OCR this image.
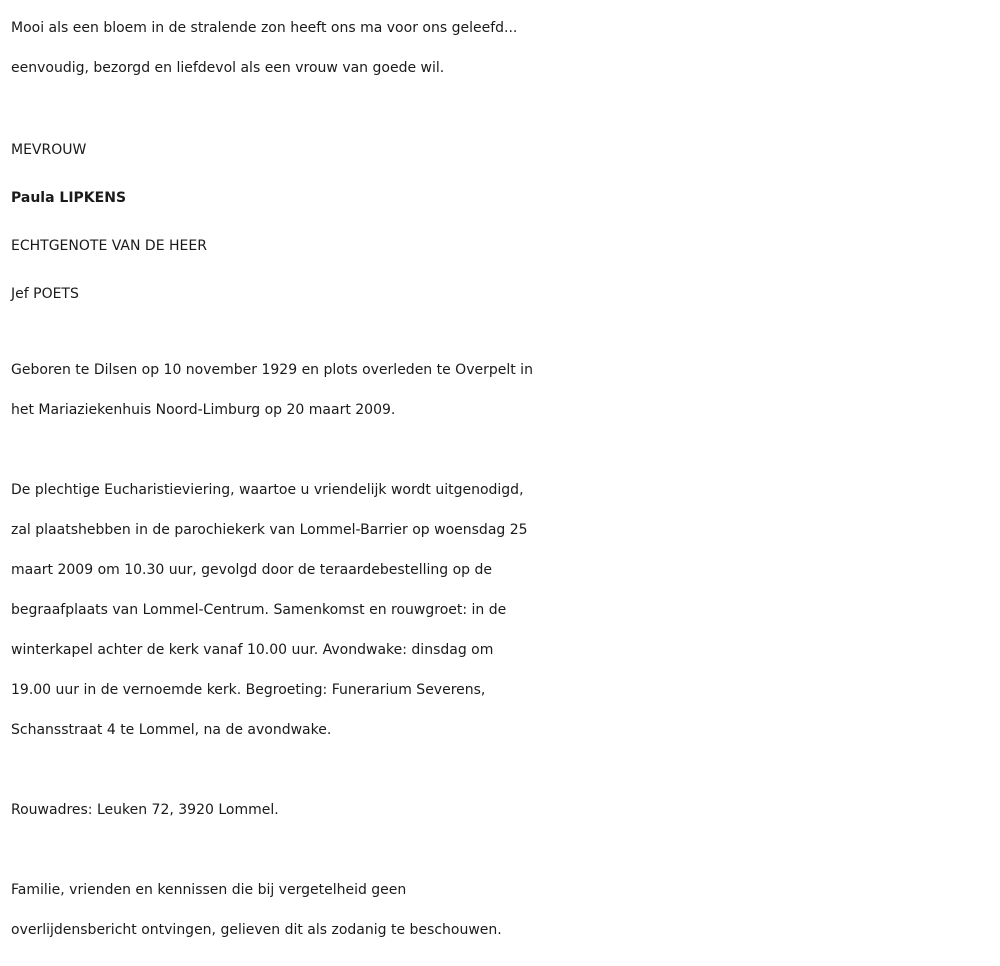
Mooi als een bloem in de stralende zon heeft ons ma voor ons geleefd...
eenvoudig, bezorgd en liefdevol als een vrouw van goede wil.
MEVROUW
Paula LIPKENS
ECHTGENOTE VAN DE HEER
Jef POETS
Geboren te Dilsen op 10 november 1929 en plots overleden te Overpelt in
het Mariaziekenhuis Noord-Limburg op 20 maart 2009.
De plechtige Eucharistieviering, waartoe u vriendelijk wordt uitgenodigd,
zal plaatshebben in de parochiekerk van Lommel-Barrier op woensdag 25
maart 2009 om 10.30 uur, gevolgd door de teraardebestelling op de
begraafplaats van Lommel-Centrum. Samenkomst en rouwgroet: in de
winterkapel achter de kerk vanaf 10.00 uur. Avondwake: dinsdag om
19.00 uur in de vernoemde kerk. Begroeting: Funerarium Severens,
Schansstraat 4 te Lommel, na de avondwake.
Rouwadres: Leuken 72, 3920 Lommel.
Familie, vrienden en kennissen die bij vergetelheid geen
overlijdensbericht ontvingen, gelieven dit als zodanig te beschouwen.
